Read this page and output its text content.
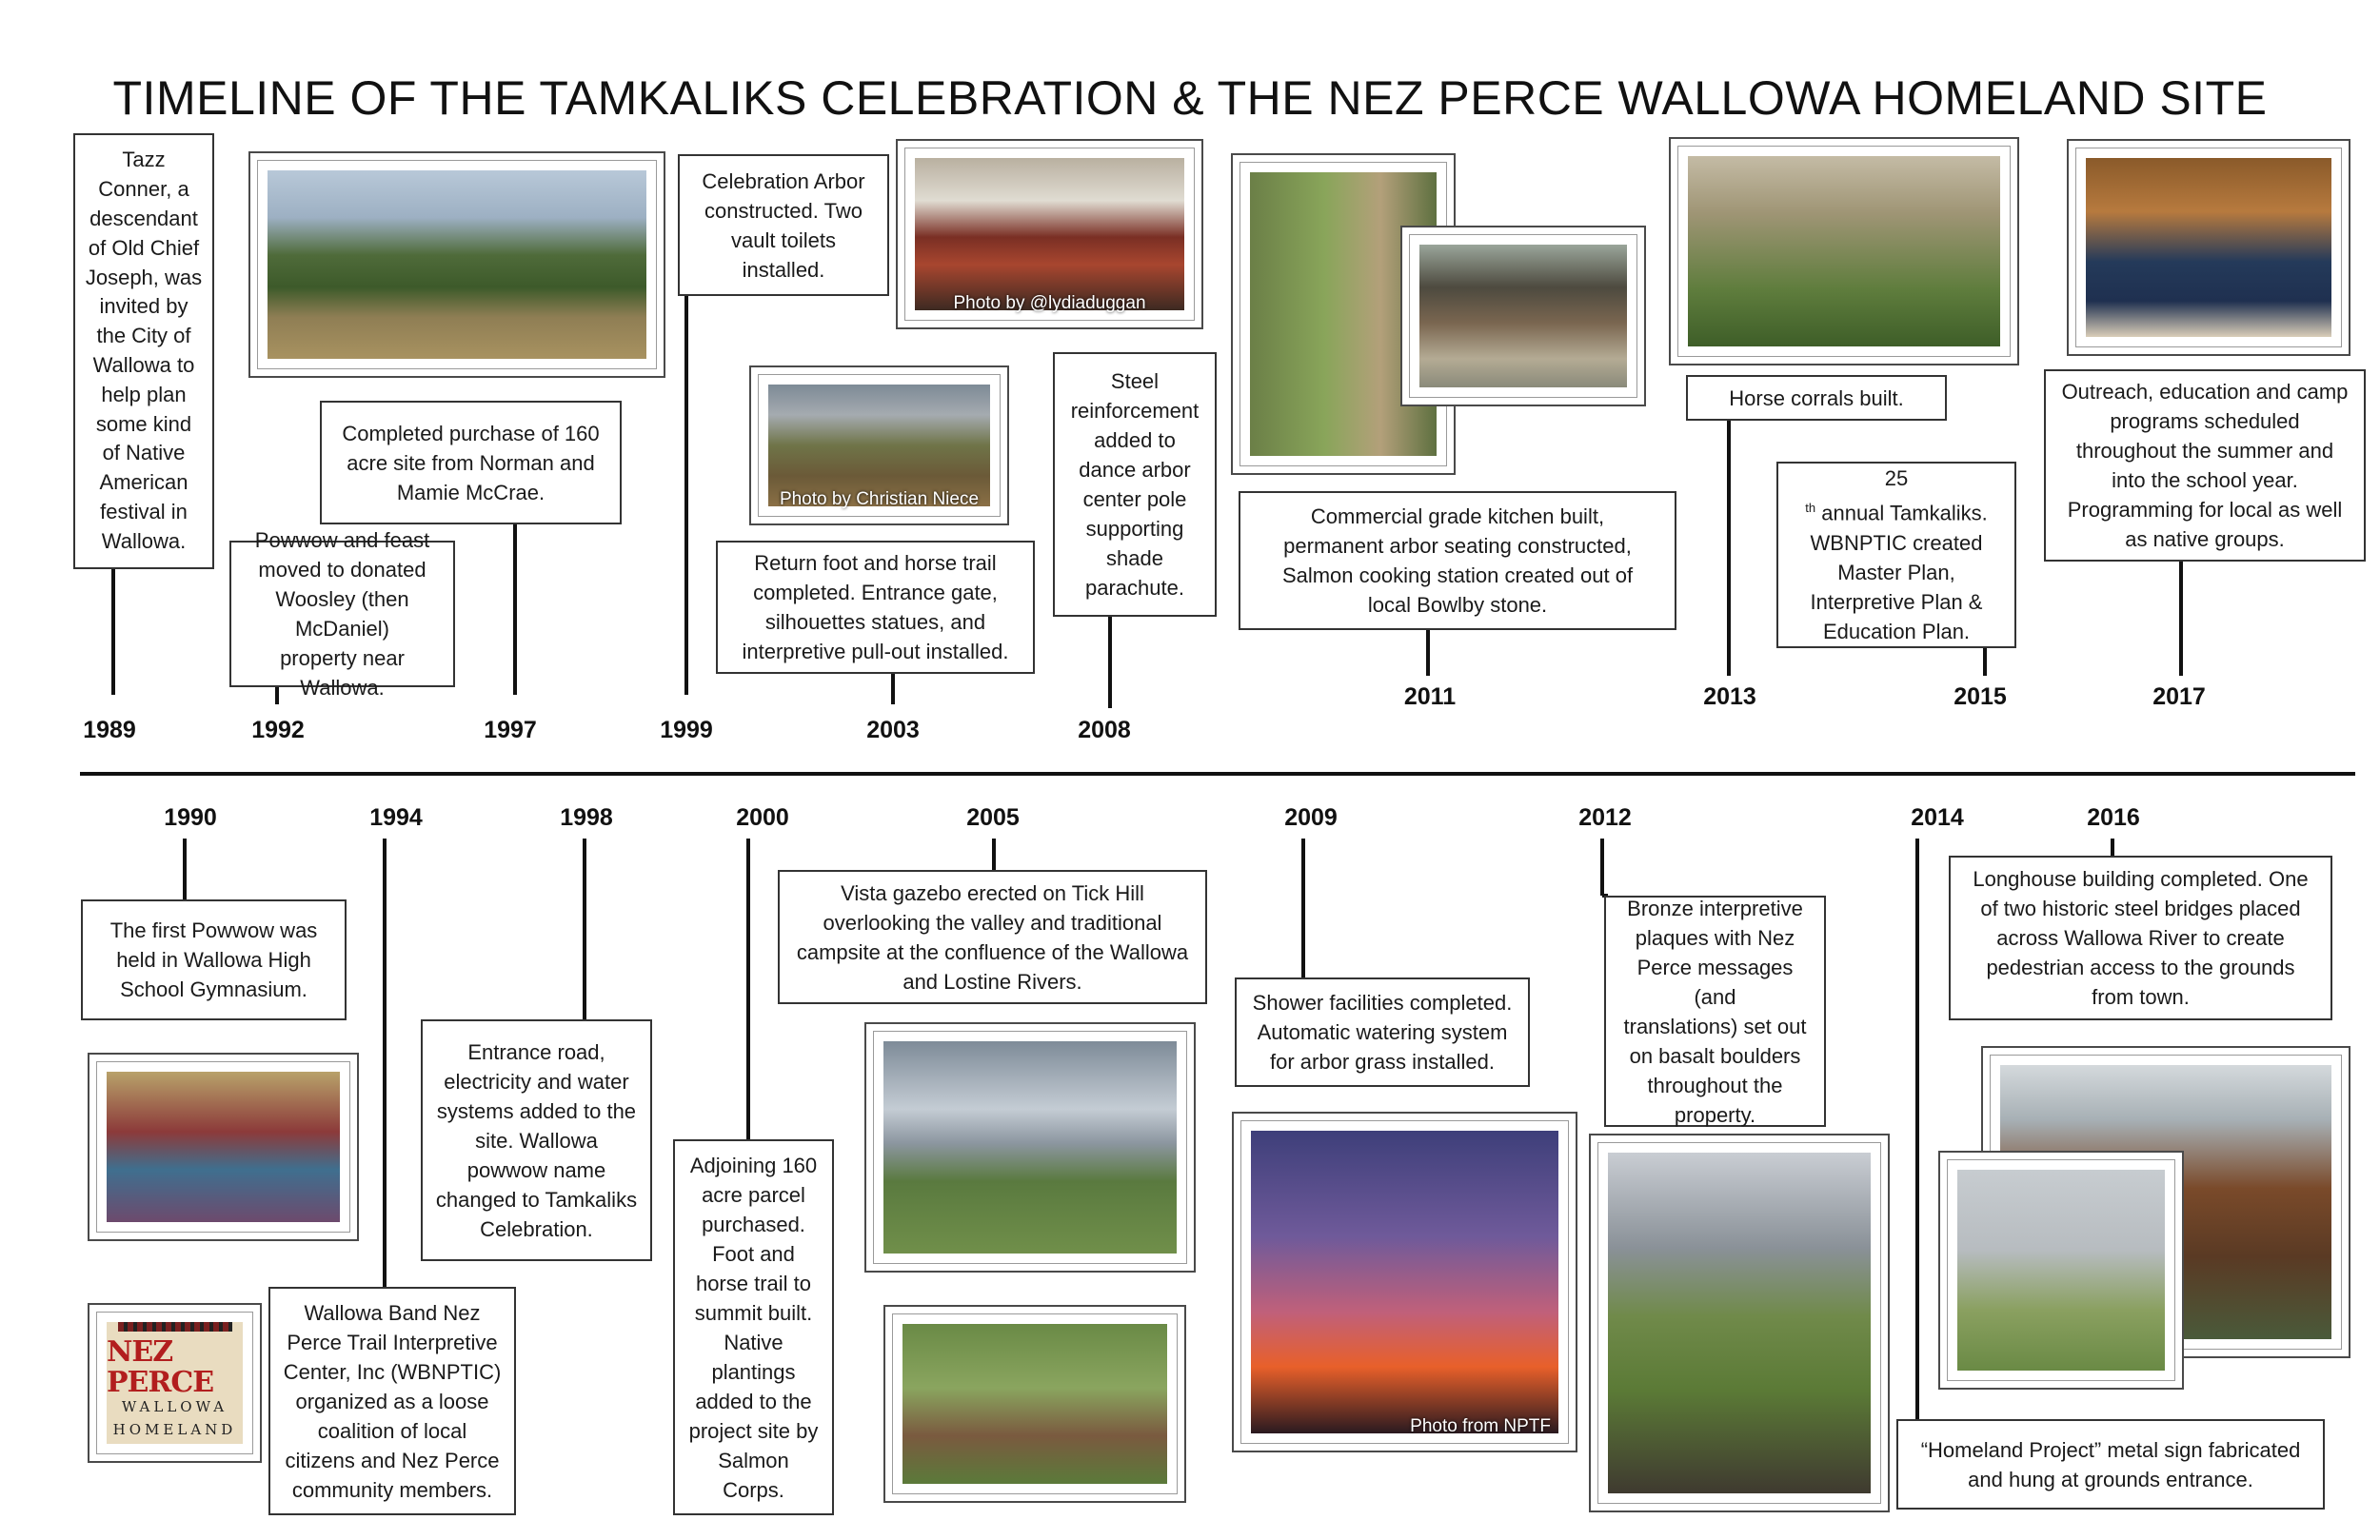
TIMELINE OF THE TAMKALIKS CELEBRATION & THE NEZ PERCE WALLOWA HOMELAND SITE
Tazz
Conner, a
descendant
of Old Chief
Joseph, was
invited by
the City of
Wallowa to
help plan
some kind
of Native
American
festival in
Wallowa.
1989
Powwow and feast
moved to donated
Woosley (then McDaniel)
property near Wallowa.
1992
Completed purchase of 160
acre site from Norman and
Mamie McCrae.
1997
Celebration Arbor
constructed. Two
vault toilets
installed.
1999
Return foot and horse trail
completed. Entrance gate,
silhouettes statues, and
interpretive pull-out installed.
2003
Steel
reinforcement
added to
dance arbor
center pole
supporting
shade
parachute.
2008
Commercial grade kitchen built,
permanent arbor seating constructed,
Salmon cooking station created out of
local Bowlby stone.
2011
Horse corrals built.
2013
25
$^{th}$ annual Tamkaliks.
WBNPTIC created
Master Plan,
Interpretive Plan &
Education Plan.
2015
Outreach, education and camp
programs scheduled
throughout the summer and
into the school year.
Programming for local as well
as native groups.
2017
Photo by @lydiaduggan
Photo by Christian Niece
1990
The first Powwow was
held in Wallowa High
School Gymnasium.
1994
Wallowa Band Nez
Perce Trail Interpretive
Center, Inc (WBNPTIC)
organized as a loose
coalition of local
citizens and Nez Perce
community members.
1998
Entrance road,
electricity and water
systems added to the
site. Wallowa
powwow name
changed to Tamkaliks
Celebration.
2000
Adjoining 160
acre parcel
purchased.
Foot and
horse trail to
summit built.
Native
plantings
added to the
project site by
Salmon
Corps.
2005
Vista gazebo erected on Tick Hill
overlooking the valley and traditional
campsite at the confluence of the Wallowa
and Lostine Rivers.
2009
Shower facilities completed.
Automatic watering system
for arbor grass installed.
2012
Bronze interpretive
plaques with Nez
Perce messages (and
translations) set out
on basalt boulders
throughout the
property.
2014
“Homeland Project” metal sign fabricated
and hung at grounds entrance.
2016
Longhouse building completed. One
of two historic steel bridges placed
across Wallowa River to create
pedestrian access to the grounds
from town.
NEZ PERCE
WALLOWA
HOMELAND	Photo from NPTF
